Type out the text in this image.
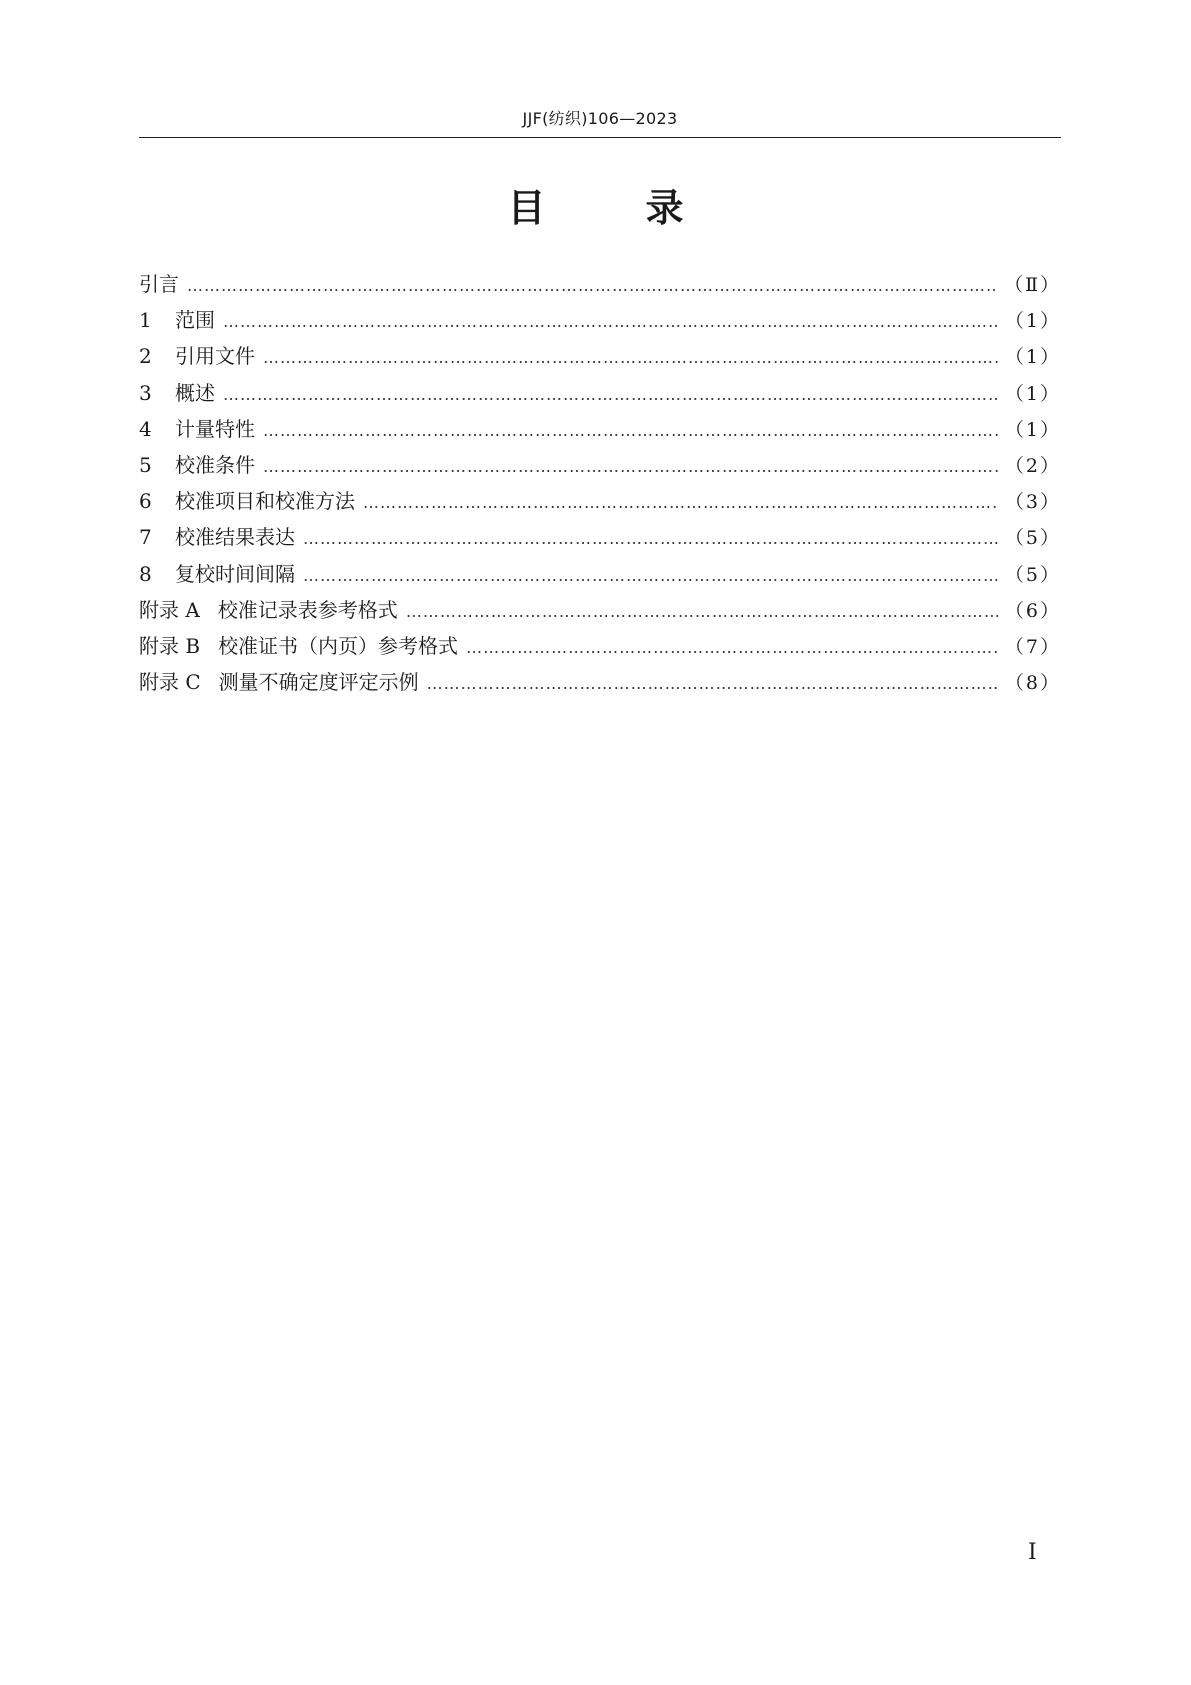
JJF(纺织)106—2023
目	录
引言 ……………………………………………………………………………………………………………………………………………………………………………………………………………………………………	（Ⅱ）
1 范围 ……………………………………………………………………………………………………………………………………………………………………………………………………………………………………	（1）
2 引用文件 ……………………………………………………………………………………………………………………………………………………………………………………………………………………………………	（1）
3 概述 ……………………………………………………………………………………………………………………………………………………………………………………………………………………………………	（1）
4 计量特性 ……………………………………………………………………………………………………………………………………………………………………………………………………………………………………	（1）
5 校准条件 ……………………………………………………………………………………………………………………………………………………………………………………………………………………………………	（2）
6 校准项目和校准方法 ……………………………………………………………………………………………………………………………………………………………………………………………………………………………………	（3）
7 校准结果表达 ……………………………………………………………………………………………………………………………………………………………………………………………………………………………………	（5）
8 复校时间间隔 ……………………………………………………………………………………………………………………………………………………………………………………………………………………………………	（5）
附录 A 校准记录表参考格式 ……………………………………………………………………………………………………………………………………………………………………………………………………………………………………	（6）
附录 B 校准证书（内页）参考格式 ……………………………………………………………………………………………………………………………………………………………………………………………………………………………………	（7）
附录 C 测量不确定度评定示例 ……………………………………………………………………………………………………………………………………………………………………………………………………………………………………	（8）
Ⅰ
